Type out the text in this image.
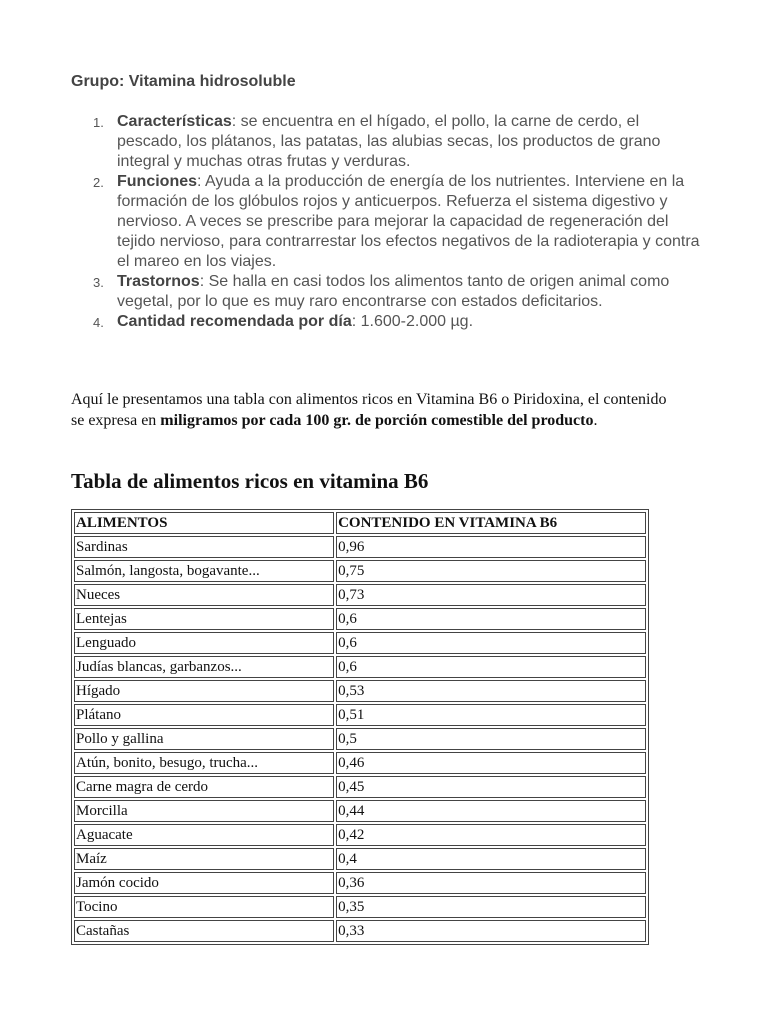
Grupo: Vitamina hidrosoluble

1. Características: se encuentra en el hígado, el pollo, la carne de cerdo, el pescado, los plátanos, las patatas, las alubias secas, los productos de grano integral y muchas otras frutas y verduras.
2. Funciones: Ayuda a la producción de energía de los nutrientes. Interviene en la formación de los glóbulos rojos y anticuerpos. Refuerza el sistema digestivo y nervioso. A veces se prescribe para mejorar la capacidad de regeneración del tejido nervioso, para contrarrestar los efectos negativos de la radioterapia y contra el mareo en los viajes.
3. Trastornos: Se halla en casi todos los alimentos tanto de origen animal como vegetal, por lo que es muy raro encontrarse con estados deficitarios.
4. Cantidad recomendada por día: 1.600-2.000 µg.

Aquí le presentamos una tabla con alimentos ricos en Vitamina B6 o Piridoxina, el contenido se expresa en miligramos por cada 100 gr. de porción comestible del producto.

Tabla de alimentos ricos en vitamina B6
ALIMENTOS	CONTENIDO EN VITAMINA B6
Sardinas	0,96
Salmón, langosta, bogavante...	0,75
Nueces	0,73
Lentejas	0,6
Lenguado	0,6
Judías blancas, garbanzos...	0,6
Hígado	0,53
Plátano	0,51
Pollo y gallina	0,5
Atún, bonito, besugo, trucha...	0,46
Carne magra de cerdo	0,45
Morcilla	0,44
Aguacate	0,42
Maíz	0,4
Jamón cocido	0,36
Tocino	0,35
Castañas	0,33
